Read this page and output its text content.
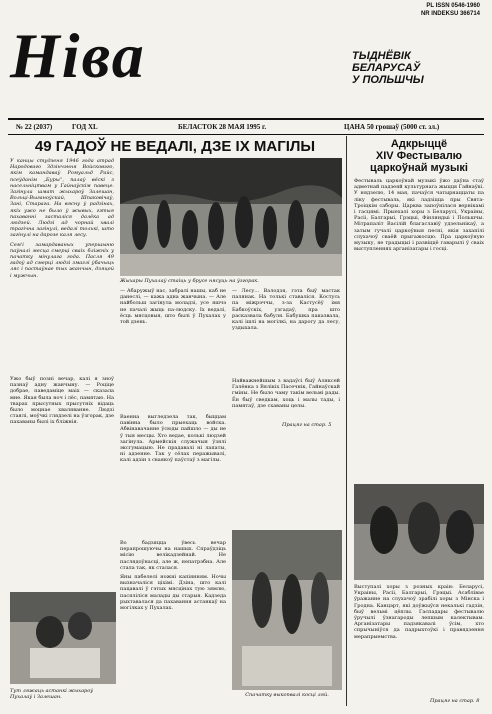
Ніва
PL ISSN 0546-1960
NR INDEKSU 366714
ТЫДНЁВІК
БЕЛАРУСАЎ
У ПОЛЬШЧЫ
№ 22 (2037)	ГОД XL	БЕЛАСТОК 28 МАЯ 1995 г.	ЦАНА 50 грошаў (5000 ст. зл.)
49 ГАДОЎ НЕ ВЕДАЛІ, ДЗЕ ІХ МАГІЛЫ
У канцы студзеня 1946 года атрад Народовэго Здзінчэння Войсковэго, якім камандаваў Ромуальд Райс, псеўданім „Буры“, палаў вёскі з насельніцтвам у Гайнаўскім павеце. Загінула шмат жыхароў Залешан, Вольці-Выганоўскай, Шпаковічаў, Зані, Старага. На вясну ў радзінах, якіх ужо не было ў жывых, гэтыя пахаванні засталіся далёка ад людзей. Людзі ад чорнай хвалі трагічна загінулі, ведалі толькі, што загінулі на дарозе каля лесу.
Сем'і замардаваных упершыню паўналі месца смерці сваіх бліжніх у пачатку мінулага года. Пасля 49 гадоў ад смерці людзі змаглі ўбачыць ляс і пастаўнае тых жанчын, дзяцей і мужчын.
Ужо быў позні вечар, калі я зноў пазнаў адну жанчыну. — Роціце добрае, паведаміце маіх — сказала мне. Якая была ноч і лёс, памятаю. На тварах прысутных прысутніх відаць было моцнае хваляванне. Людзі стаялі, моўчкі глядзелі на ўзгорак, дзе пахаваны былі іх бліжнія.
Жыхары Пухалаў стаіць у брусе нясуць на ўзгорак.
— Абаружыў нас, забралі нашы, каб не данеслі, — кажа адна жанчына. — Але найбольш загінула моладзі, усе яшчэ не пачалі жыць па-людску. Іх ведалі, ёсць мясцовыя, што былі ў Пухалах у той дзень.
Ваенна выгледзела так, быццам павінна было прыехаць войска. Абвінавачанне ўсюды пайшло — ды не ў тыя месцы. Хто ведае, колькі людзей загінула. Армейскія служачыя ўзялі эксгумацыю. Не прадавалі ні лапаты, ні адзенне. Так у сёлах перажывалі, калі адзін з сваякоў паўстаў з магілы.
— Лесу... Валодзя, гэта быў мастак палянак. На толькі ставаліся. Костусь па міжрэччы, з-за Кастусёў імя Бабкоўскіх, узгадаў, пра што расказвала бабуля. Бабушка паказвала, калі ішлі на могілкі, на дарогу да лесу, уздыхала.
Найважнейшым з вадаўсі быў Аляксей Галёнка з Вялікіх Пасечнік, Гайнаўскай гміны. Не было чаму такім вельмі рады. Ён быў сведкам, хоць і малы тады, і памятаў, дзе схаваны целы.
Працяг на стар. 5
Тут ляжаць астанкі жыхароў Пухалаў і Залешан.
Во бадзяцца ўвесь вечар перапрошуючы на нашых. Спраўдзіць місію велікадзейнай. Не паслядоўнасці, але ж, непатрэбна. Але стала так, як сталася.
Яны пабелелі ножні капіянням. Ночы вызначаліся ціхімі. Дзіна, што калі пацавалі ў гэтых мясцінах тую зямлю, пасяліліся малады ды старыя. Кадзеда рыхтавалася да пахавання астанкаў на могілках у Пухалах.
Спачатку выкопвалі косці ляй.
Адкрыццё
XIV Фестывалю
царкоўнай музыкі
Фестываль царкоўнай музыкі ўжо даўна стаў адметнай падзеяй культурнага жыцця Гайнаўкі. У нядзелю, 14 мая, пачаўся чатырнаццаты па ліку фестываль, які ладзіцца пры Свята-Троіцкім саборы. Царква запоўнілася вернікамі і гасцямі. Прыехалі хоры з Беларусі, Украіны, Расіі, Балгарыі, Грэцыі, Фінляндыі і Польшчы. Мітрапаліт Васілій благаславіў удзельнікаў, а затым гучалі царкоўныя песні, якія захапілі слухачоў сваёй прыгажосцю. Пра царкоўную музыку, яе традыцыі і развіццё гаварылі ў сваіх выступленнях арганізатары і госці.
Выступалі хоры з розных краін: Беларусі, Украіны, Расіі, Балгарыі, Грэцыі. Асаблівае ўражанне на слухачоў зрабілі хоры з Мінска і Гродна. Канцэрт, які доўжыўся некалькі гадзін, быў вельмі цёплы. Гаспадары фестывалю ўручылі ўзнагароды лепшым калектывам. Арганізатары падзякавалі ўсім, хто спрычыніўся да падрыхтоўкі і правядзення мерапрыемства.
Працяг на стар. 8
